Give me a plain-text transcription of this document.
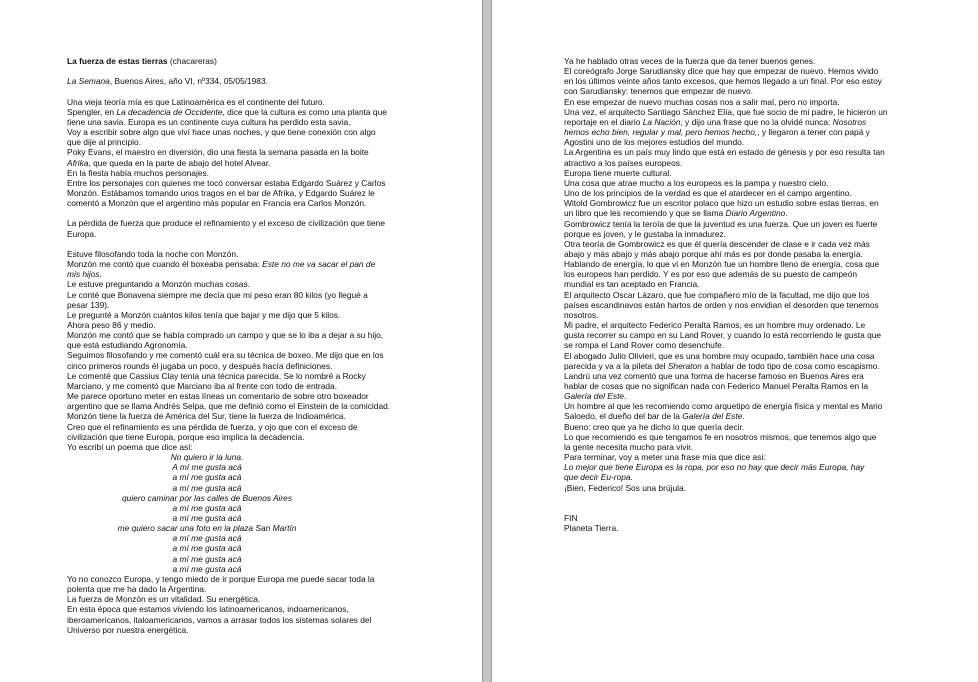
La fuerza de estas tierras (chacareras)
La Semana, Buenos Aires, año VI, nº334, 05/05/1983.
Una vieja teoría mía es que Latinoamérica es el continente del futuro.
Spengler, en La decadencia de Occidente, dice que la cultura es como una planta que
tiene una savia. Europa es un continente cuya cultura ha perdido esta savia.
Voy a escribir sobre algo que viví hace unas noches, y que tiene conexión con algo
que dije al principio.
Poky Evans, el maestro en diversión, dio una fiesta la semana pasada en la boite
Afrika, que queda en la parte de abajo del hotel Alvear.
En la fiesta había muchos personajes.
Entre los personajes con quienes me tocó conversar estaba Edgardo Suárez y Carlos
Monzón. Estábamos tomando unos tragos en el bar de Afrika, y Edgardo Suárez le
comentó a Monzón que el argentino más popular en Francia era Carlos Monzón.
La pérdida de fuerza que produce el refinamiento y el exceso de civilización que tiene
Europa.
Estuve filosofando toda la noche con Monzón.
Monzón me contó que cuando él boxeaba pensaba: Este no me va sacar el pan de
mis hijos.
Le estuve preguntando a Monzón muchas cosas.
Le conté que Bonavena siempre me decía que mi peso eran 80 kilos (yo llegué a
pesar 139).
Le pregunté a Monzón cuántos kilos tenía que bajar y me dijo que 5 kilos.
Ahora peso 86 y medio.
Monzón me contó que se había comprado un campo y que se lo iba a dejar a su hijo,
que está estudiando Agronomía.
Seguimos filosofando y me comentó cuál era su técnica de boxeo. Me dijo que en los
cinco primeros rounds él jugaba un poco, y después hacía definiciones.
Le comenté que Cassius Clay tenía una técnica parecida. Se lo nombré a Rocky
Marciano, y me comentó que Marciano iba al frente con todo de entrada.
Me parece oportuno meter en estas líneas un comentario de sobre otro boxeador
argentino que se llama Andrés Selpa, que me definió como el Einstein de la comicidad.
Monzón tiene la fuerza de América del Sur, tiene la fuerza de Indioamérica.
Creo que el refinamiento es una pérdida de fuerza, y ojo que con el exceso de
civilización que tiene Europa, porque eso implica la decadencia.
Yo escribí un poema que dice así:
No quiero ir la luna.
A mí me gusta acá
a mí me gusta acá
a mí me gusta acá
quiero caminar por las calles de Buenos Aires
a mí me gusta acá
a mí me gusta acá
me quiero sacar una foto en la plaza San Martín
a mí me gusta acá
a mí me gusta acá
a mí me gusta acá
a mí me gusta acá
Yo no conozco Europa, y tengo miedo de ir porque Europa me puede sacar toda la
polenta que me ha dado la Argentina.
La fuerza de Monzón es un vitalidad. Su energética.
En esta época que estamos viviendo los latinoamericanos, indoamericanos,
iberoamericanos, italoamericanos, vamos a arrasar todos los sistemas solares del
Universo por nuestra energética.
Ya he hablado otras veces de la fuerza que da tener buenos genes.
El coreógrafo Jorge Sarudiansky dice que hay que empezar de nuevo. Hemos vivido
en los últimos veinte años tanto excesos, que hemos llegado a un final. Por eso estoy
con Sarudiansky: tenemos que empezar de nuevo.
En ese empezar de nuevo muchas cosas nos a salir mal, pero no importa.
Una vez, el arquitecto Santiago Sánchez Elía, que fue socio de mi padre, le hicieron un
reportaje en el diario La Nación, y dijo una frase que no la olvidé nunca: Nosotros
hemos echo bien, regular y mal, pero hemos hecho,, y llegaron a tener con papá y
Agostini uno de los mejores estudios del mundo.
La Argentina es un país muy lindo que está en estado de génesis y por eso resulta tan
atractivo a los países europeos.
Europa tiene muerte cultural.
Una cosa que atrae mucho a los europeos es la pampa y nuestro cielo.
Uno de los principios de la verdad es que el atardecer en el campo argentino.
Witold Gombrowicz fue un escritor polaco que hizo un estudio sobre estas tierras, en
un libro que les recomiendo y que se llama Diario Argentino.
Gombrowicz tenía la teroía de que la juventud es una fuerza. Que un joven es fuerte
porque es joven, y le gustaba la inmadurez.
Otra teoría de Gombrowicz es que él quería descender de clase e ir cada vez más
abajo y más abajo y más abajo porque ahí más es por donde pasaba la energía.
Hablando de energía, lo que vi en Monzón fue un hombre lleno de energía, cosa que
los europeos han perdido. Y es por eso que además de su puesto de campeón
mundial es tan aceptado en Francia.
El arquitecto Oscar Lázaro, que fue compañero mío de la facultad, me dijo que los
países escandinavos están hartos de orden y nos envidian el desorden que tenemos
nosotros.
Mi padre, el arquitecto Federico Peralta Ramos, es un hombre muy ordenado. Le
gusta recorrer su campo en su Land Rover, y cuando lo está recorriendo le gusta que
se rompa el Land Rover como desenchufe.
El abogado Julio Olivieri, que es una hombre muy ocupado, también hace una cosa
parecida y va a la pileta del Sheraton a hablar de todo tipo de cosa como escapismo.
Landrú una vez comentó que una forma de hacerse famoso en Buenos Aires era
hablar de cosas que no significan nada con Federico Manuel Peralta Ramos en la
Galería del Este.
Un hombre al que les recomiendo como arquetipo de energía física y mental es Mario
Saloedo, el dueño del bar de la Galería del Este.
Bueno: creo que ya he dicho lo que quería decir.
Lo que recomiendo es que tengamos fe en nosotros mismos, que tenemos algo que
la gente necesita mucho para vivir.
Para terminar, voy a meter una frase mía que dice así:
Lo mejor que tiene Europa es la ropa, por eso no hay que decir más Europa, hay
que decir Eu-ropa.
¡Bien, Federico! Sos una brújula.
FIN
Planeta Tierra.
